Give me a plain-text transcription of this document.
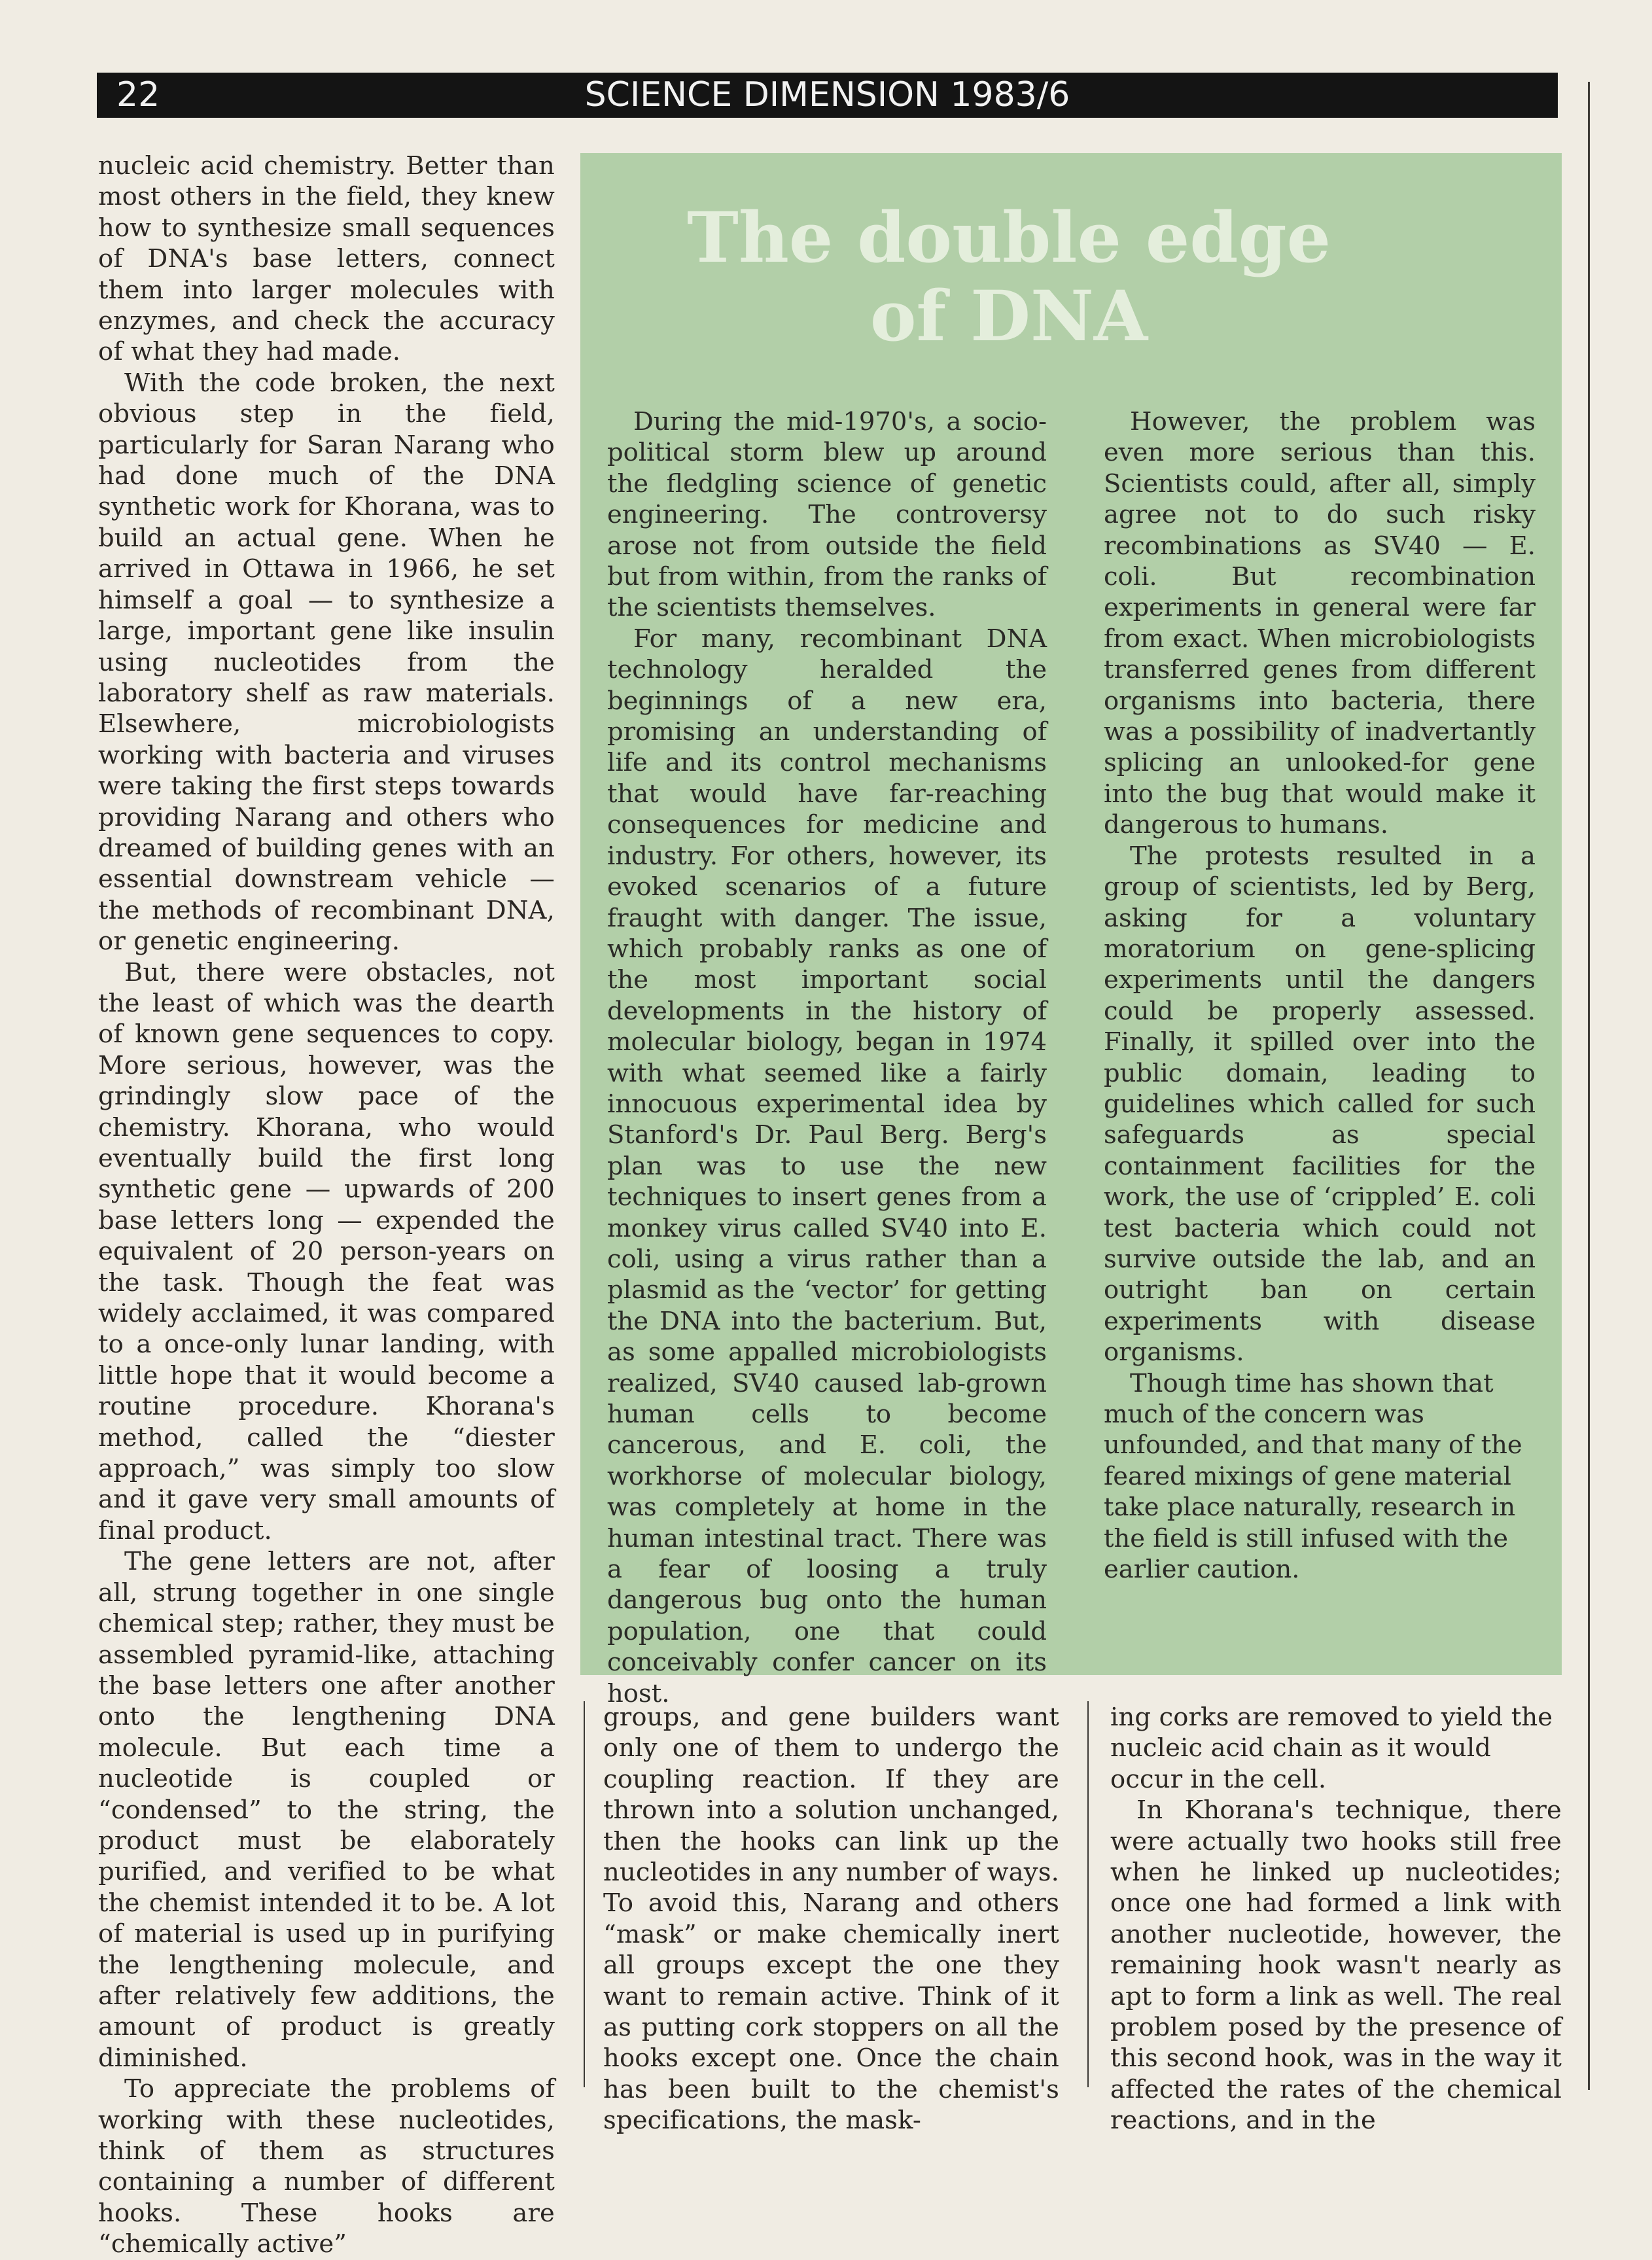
22	SCIENCE DIMENSION 1983/6

nucleic acid chemistry. Better than most others in the field, they knew how to synthesize small sequences of DNA's base letters, connect them into larger molecules with enzymes, and check the accuracy of what they had made.

With the code broken, the next obvious step in the field, particularly for Saran Narang who had done much of the DNA synthetic work for Khorana, was to build an actual gene. When he arrived in Ottawa in 1966, he set himself a goal — to synthesize a large, important gene like insulin using nucleotides from the laboratory shelf as raw materials. Elsewhere, microbiologists working with bacteria and viruses were taking the first steps towards providing Narang and others who dreamed of building genes with an essential downstream vehicle — the methods of recombinant DNA, or genetic engineering.

But, there were obstacles, not the least of which was the dearth of known gene sequences to copy. More serious, however, was the grindingly slow pace of the chemistry. Khorana, who would eventually build the first long synthetic gene — upwards of 200 base letters long — expended the equivalent of 20 person-years on the task. Though the feat was widely acclaimed, it was compared to a once-only lunar landing, with little hope that it would become a routine procedure. Khorana's method, called the “diester approach,” was simply too slow and it gave very small amounts of final product.

The gene letters are not, after all, strung together in one single chemical step; rather, they must be assembled pyramid-like, attaching the base letters one after another onto the lengthening DNA molecule. But each time a nucleotide is coupled or “condensed” to the string, the product must be elaborately purified, and verified to be what the chemist intended it to be. A lot of material is used up in purifying the lengthening molecule, and after relatively few additions, the amount of product is greatly diminished.

To appreciate the problems of working with these nucleotides, think of them as structures containing a number of different hooks. These hooks are “chemically active”

The double edge of DNA

During the mid-1970's, a socio-political storm blew up around the fledgling science of genetic engineering. The controversy arose not from outside the field but from within, from the ranks of the scientists themselves.

For many, recombinant DNA technology heralded the beginnings of a new era, promising an understanding of life and its control mechanisms that would have far-reaching consequences for medicine and industry. For others, however, its evoked scenarios of a future fraught with danger. The issue, which probably ranks as one of the most important social developments in the history of molecular biology, began in 1974 with what seemed like a fairly innocuous experimental idea by Stanford's Dr. Paul Berg. Berg's plan was to use the new techniques to insert genes from a monkey virus called SV40 into E. coli, using a virus rather than a plasmid as the ‘vector’ for getting the DNA into the bacterium. But, as some appalled microbiologists realized, SV40 caused lab-grown human cells to become cancerous, and E. coli, the workhorse of molecular biology, was completely at home in the human intestinal tract. There was a fear of loosing a truly dangerous bug onto the human population, one that could conceivably confer cancer on its host.

However, the problem was even more serious than this. Scientists could, after all, simply agree not to do such risky recombinations as SV40 — E. coli. But recombination experiments in general were far from exact. When microbiologists transferred genes from different organisms into bacteria, there was a possibility of inadvertantly splicing an unlooked-for gene into the bug that would make it dangerous to humans.

The protests resulted in a group of scientists, led by Berg, asking for a voluntary moratorium on gene-splicing experiments until the dangers could be properly assessed. Finally, it spilled over into the public domain, leading to guidelines which called for such safeguards as special containment facilities for the work, the use of ‘crippled’ E. coli test bacteria which could not survive outside the lab, and an outright ban on certain experiments with disease organisms.

Though time has shown that much of the concern was unfounded, and that many of the feared mixings of gene material take place naturally, research in the field is still infused with the earlier caution.

groups, and gene builders want only one of them to undergo the coupling reaction. If they are thrown into a solution unchanged, then the hooks can link up the nucleotides in any number of ways. To avoid this, Narang and others “mask” or make chemically inert all groups except the one they want to remain active. Think of it as putting cork stoppers on all the hooks except one. Once the chain has been built to the chemist's specifications, the mask-

ing corks are removed to yield the nucleic acid chain as it would occur in the cell.

In Khorana's technique, there were actually two hooks still free when he linked up nucleotides; once one had formed a link with another nucleotide, however, the remaining hook wasn't nearly as apt to form a link as well. The real problem posed by the presence of this second hook, was in the way it affected the rates of the chemical reactions, and in the
